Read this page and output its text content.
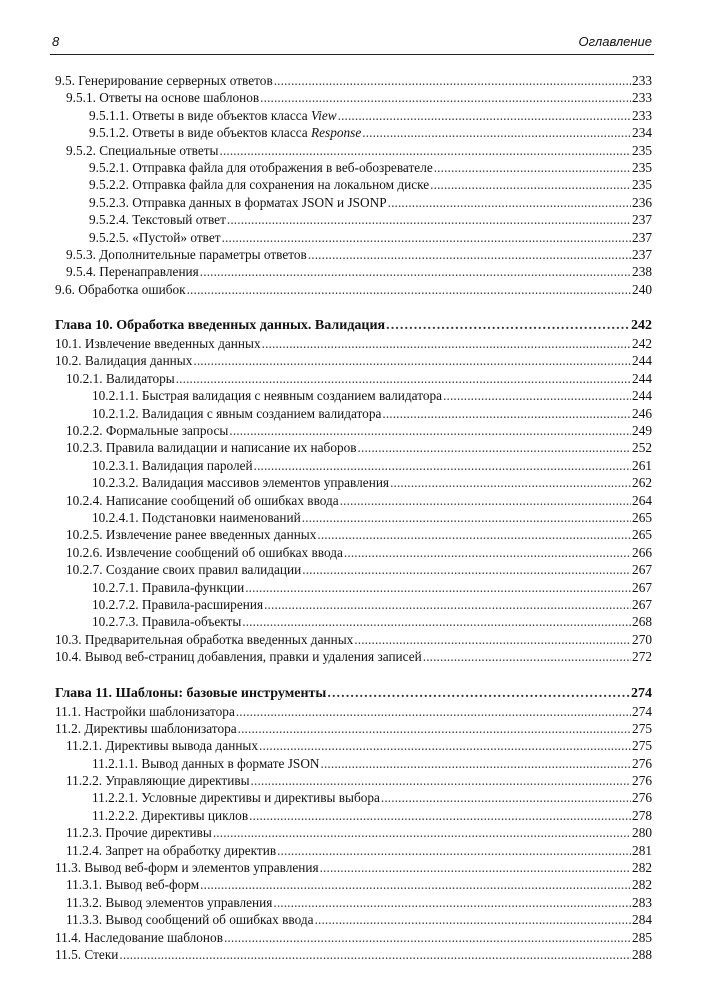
8	Оглавление
9.5. Генерирование серверных ответов . . .	233
9.5.1. Ответы на основе шаблонов . . .	233
9.5.1.1. Ответы в виде объектов класса View . . .	233
9.5.1.2. Ответы в виде объектов класса Response . . .	234
9.5.2. Специальные ответы . . .	235
9.5.2.1. Отправка файла для отображения в веб-обозревателе . . .	235
9.5.2.2. Отправка файла для сохранения на локальном диске . . .	235
9.5.2.3. Отправка данных в форматах JSON и JSONP . . .	236
9.5.2.4. Текстовый ответ . . .	237
9.5.2.5. «Пустой» ответ . . .	237
9.5.3. Дополнительные параметры ответов . . .	237
9.5.4. Перенаправления . . .	238
9.6. Обработка ошибок . . .	240
Глава 10. Обработка введенных данных. Валидация . . .	242
10.1. Извлечение введенных данных . . .	242
10.2. Валидация данных . . .	244
10.2.1. Валидаторы . . .	244
10.2.1.1. Быстрая валидация с неявным созданием валидатора . . .	244
10.2.1.2. Валидация с явным созданием валидатора . . .	246
10.2.2. Формальные запросы . . .	249
10.2.3. Правила валидации и написание их наборов . . .	252
10.2.3.1. Валидация паролей . . .	261
10.2.3.2. Валидация массивов элементов управления . . .	262
10.2.4. Написание сообщений об ошибках ввода . . .	264
10.2.4.1. Подстановки наименований . . .	265
10.2.5. Извлечение ранее введенных данных . . .	265
10.2.6. Извлечение сообщений об ошибках ввода . . .	266
10.2.7. Создание своих правил валидации . . .	267
10.2.7.1. Правила-функции . . .	267
10.2.7.2. Правила-расширения . . .	267
10.2.7.3. Правила-объекты . . .	268
10.3. Предварительная обработка введенных данных . . .	270
10.4. Вывод веб-страниц добавления, правки и удаления записей . . .	272
Глава 11. Шаблоны: базовые инструменты . . .	274
11.1. Настройки шаблонизатора . . .	274
11.2. Директивы шаблонизатора . . .	275
11.2.1. Директивы вывода данных . . .	275
11.2.1.1. Вывод данных в формате JSON . . .	276
11.2.2. Управляющие директивы . . .	276
11.2.2.1. Условные директивы и директивы выбора . . .	276
11.2.2.2. Директивы циклов . . .	278
11.2.3. Прочие директивы . . .	280
11.2.4. Запрет на обработку директив . . .	281
11.3. Вывод веб-форм и элементов управления . . .	282
11.3.1. Вывод веб-форм . . .	282
11.3.2. Вывод элементов управления . . .	283
11.3.3. Вывод сообщений об ошибках ввода . . .	284
11.4. Наследование шаблонов . . .	285
11.5. Стеки . . .	288
